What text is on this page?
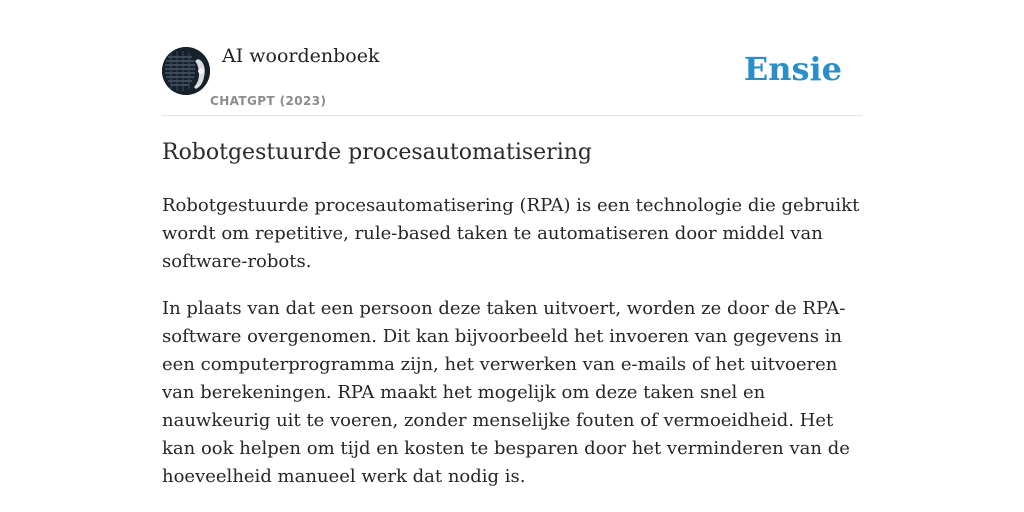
AI woordenboek
CHATGPT (2023)
Ensie
Robotgestuurde procesautomatisering

Robotgestuurde procesautomatisering (RPA) is een technologie die gebruikt wordt om repetitive, rule-based taken te automatiseren door middel van software-robots.

In plaats van dat een persoon deze taken uitvoert, worden ze door de RPA-software overgenomen. Dit kan bijvoorbeeld het invoeren van gegevens in een computerprogramma zijn, het verwerken van e-mails of het uitvoeren van berekeningen. RPA maakt het mogelijk om deze taken snel en nauwkeurig uit te voeren, zonder menselijke fouten of vermoeidheid. Het kan ook helpen om tijd en kosten te besparen door het verminderen van de hoeveelheid manueel werk dat nodig is.
